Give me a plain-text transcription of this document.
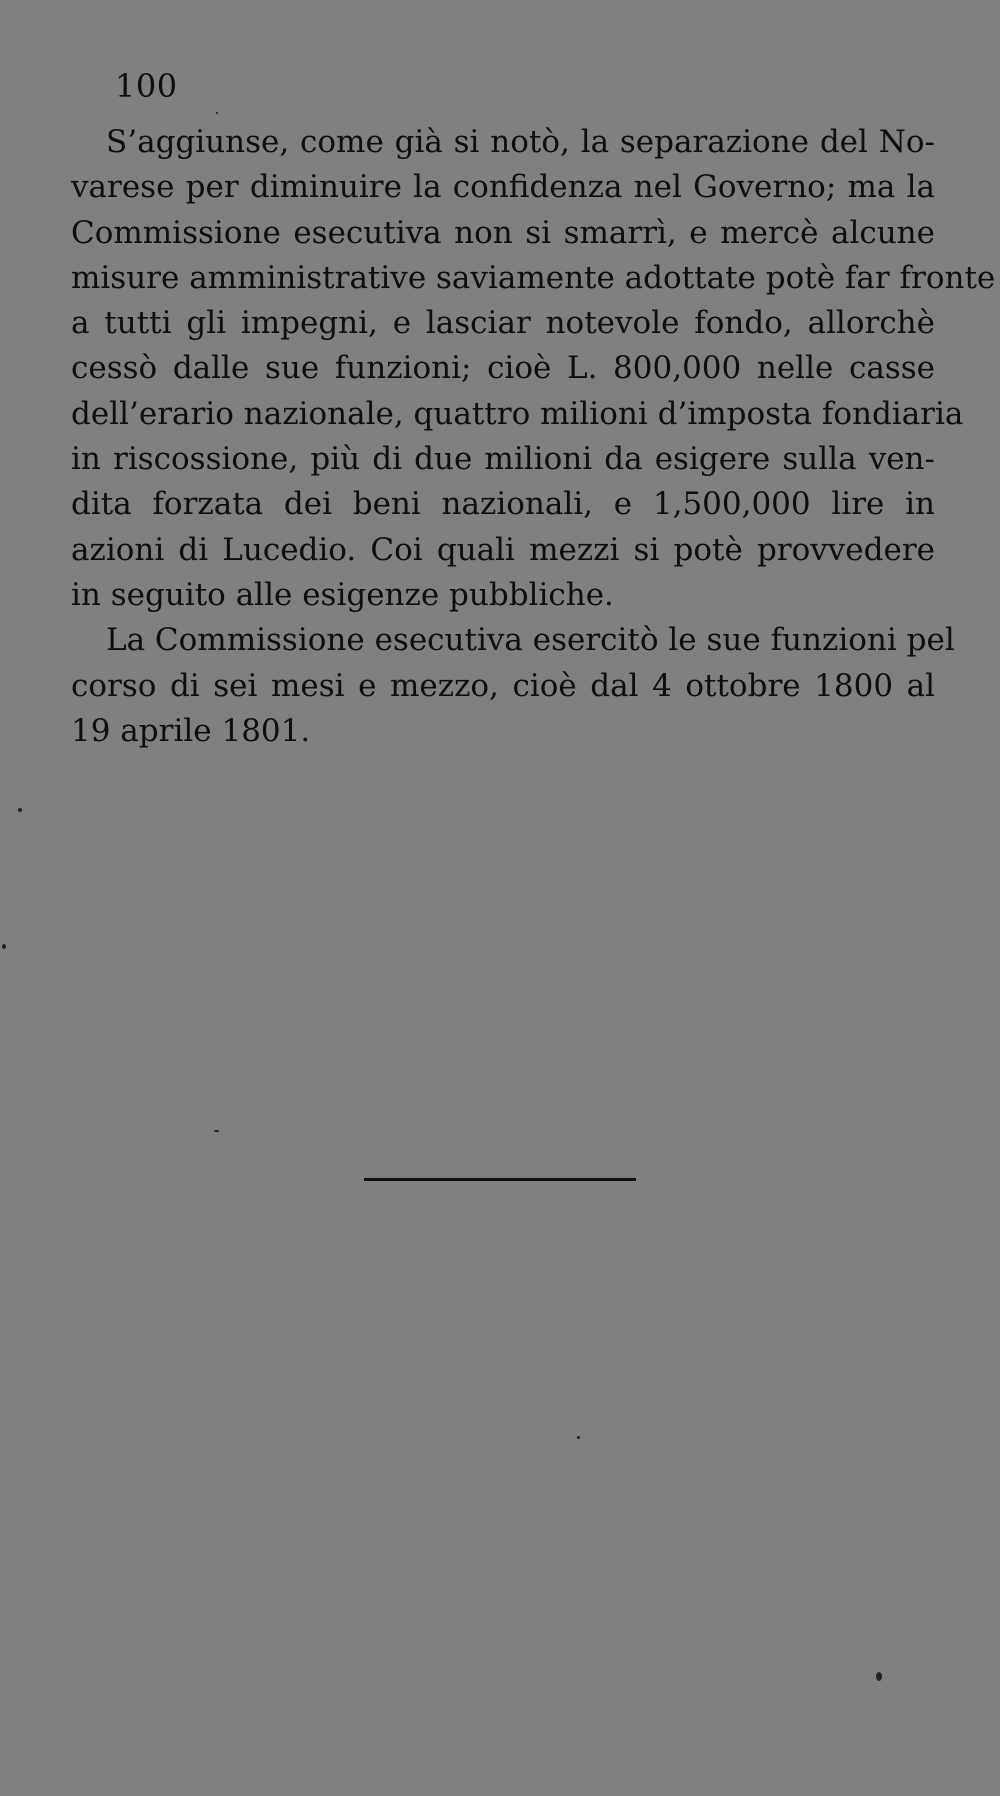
100
S’aggiunse, come già si notò, la separazione del No-
varese per diminuire la confidenza nel Governo; ma la
Commissione esecutiva non si smarrì, e mercè alcune
misure amministrative saviamente adottate potè far fronte
a tutti gli impegni, e lasciar notevole fondo, allorchè
cessò dalle sue funzioni; cioè L. 800,000 nelle casse
dell’erario nazionale, quattro milioni d’imposta fondiaria
in riscossione, più di due milioni da esigere sulla ven-
dita forzata dei beni nazionali, e 1,500,000 lire in
azioni di Lucedio. Coi quali mezzi si potè provvedere
in seguito alle esigenze pubbliche.
La Commissione esecutiva esercitò le sue funzioni pel
corso di sei mesi e mezzo, cioè dal 4 ottobre 1800 al
19 aprile 1801.
